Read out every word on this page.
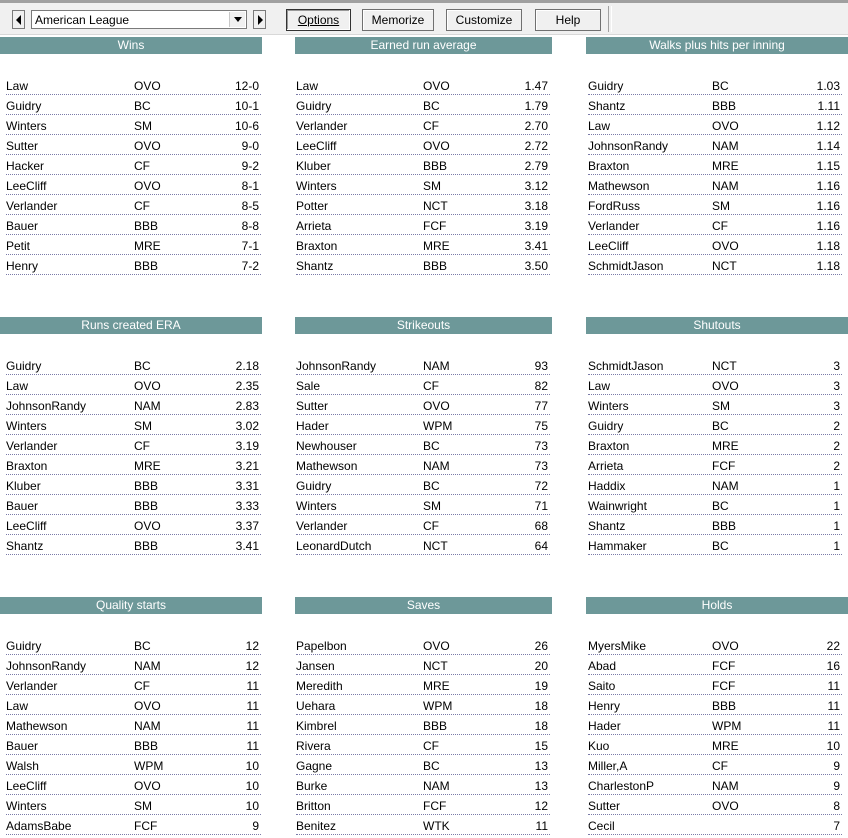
American League	Options	Memorize	Customize	Help
Wins	Earned run average	Walks plus hits per inning
Law	OVO	12-0	Law	OVO	1.47	Guidry	BC	1.03
Guidry	BC	10-1	Guidry	BC	1.79	Shantz	BBB	1.11
Winters	SM	10-6	Verlander	CF	2.70	Law	OVO	1.12
Sutter	OVO	9-0	LeeCliff	OVO	2.72	JohnsonRandy	NAM	1.14
Hacker	CF	9-2	Kluber	BBB	2.79	Braxton	MRE	1.15
LeeCliff	OVO	8-1	Winters	SM	3.12	Mathewson	NAM	1.16
Verlander	CF	8-5	Potter	NCT	3.18	FordRuss	SM	1.16
Bauer	BBB	8-8	Arrieta	FCF	3.19	Verlander	CF	1.16
Petit	MRE	7-1	Braxton	MRE	3.41	LeeCliff	OVO	1.18
Henry	BBB	7-2	Shantz	BBB	3.50	SchmidtJason	NCT	1.18
Runs created ERA	Strikeouts	Shutouts
Guidry	BC	2.18	JohnsonRandy	NAM	93	SchmidtJason	NCT	3
Law	OVO	2.35	Sale	CF	82	Law	OVO	3
JohnsonRandy	NAM	2.83	Sutter	OVO	77	Winters	SM	3
Winters	SM	3.02	Hader	WPM	75	Guidry	BC	2
Verlander	CF	3.19	Newhouser	BC	73	Braxton	MRE	2
Braxton	MRE	3.21	Mathewson	NAM	73	Arrieta	FCF	2
Kluber	BBB	3.31	Guidry	BC	72	Haddix	NAM	1
Bauer	BBB	3.33	Winters	SM	71	Wainwright	BC	1
LeeCliff	OVO	3.37	Verlander	CF	68	Shantz	BBB	1
Shantz	BBB	3.41	LeonardDutch	NCT	64	Hammaker	BC	1
Quality starts	Saves	Holds
Guidry	BC	12	Papelbon	OVO	26	MyersMike	OVO	22
JohnsonRandy	NAM	12	Jansen	NCT	20	Abad	FCF	16
Verlander	CF	11	Meredith	MRE	19	Saito	FCF	11
Law	OVO	11	Uehara	WPM	18	Henry	BBB	11
Mathewson	NAM	11	Kimbrel	BBB	18	Hader	WPM	11
Bauer	BBB	11	Rivera	CF	15	Kuo	MRE	10
Walsh	WPM	10	Gagne	BC	13	Miller,A	CF	9
LeeCliff	OVO	10	Burke	NAM	13	CharlestonP	NAM	9
Winters	SM	10	Britton	FCF	12	Sutter	OVO	8
AdamsBabe	FCF	9	Benitez	WTK	11	Cecil	7
